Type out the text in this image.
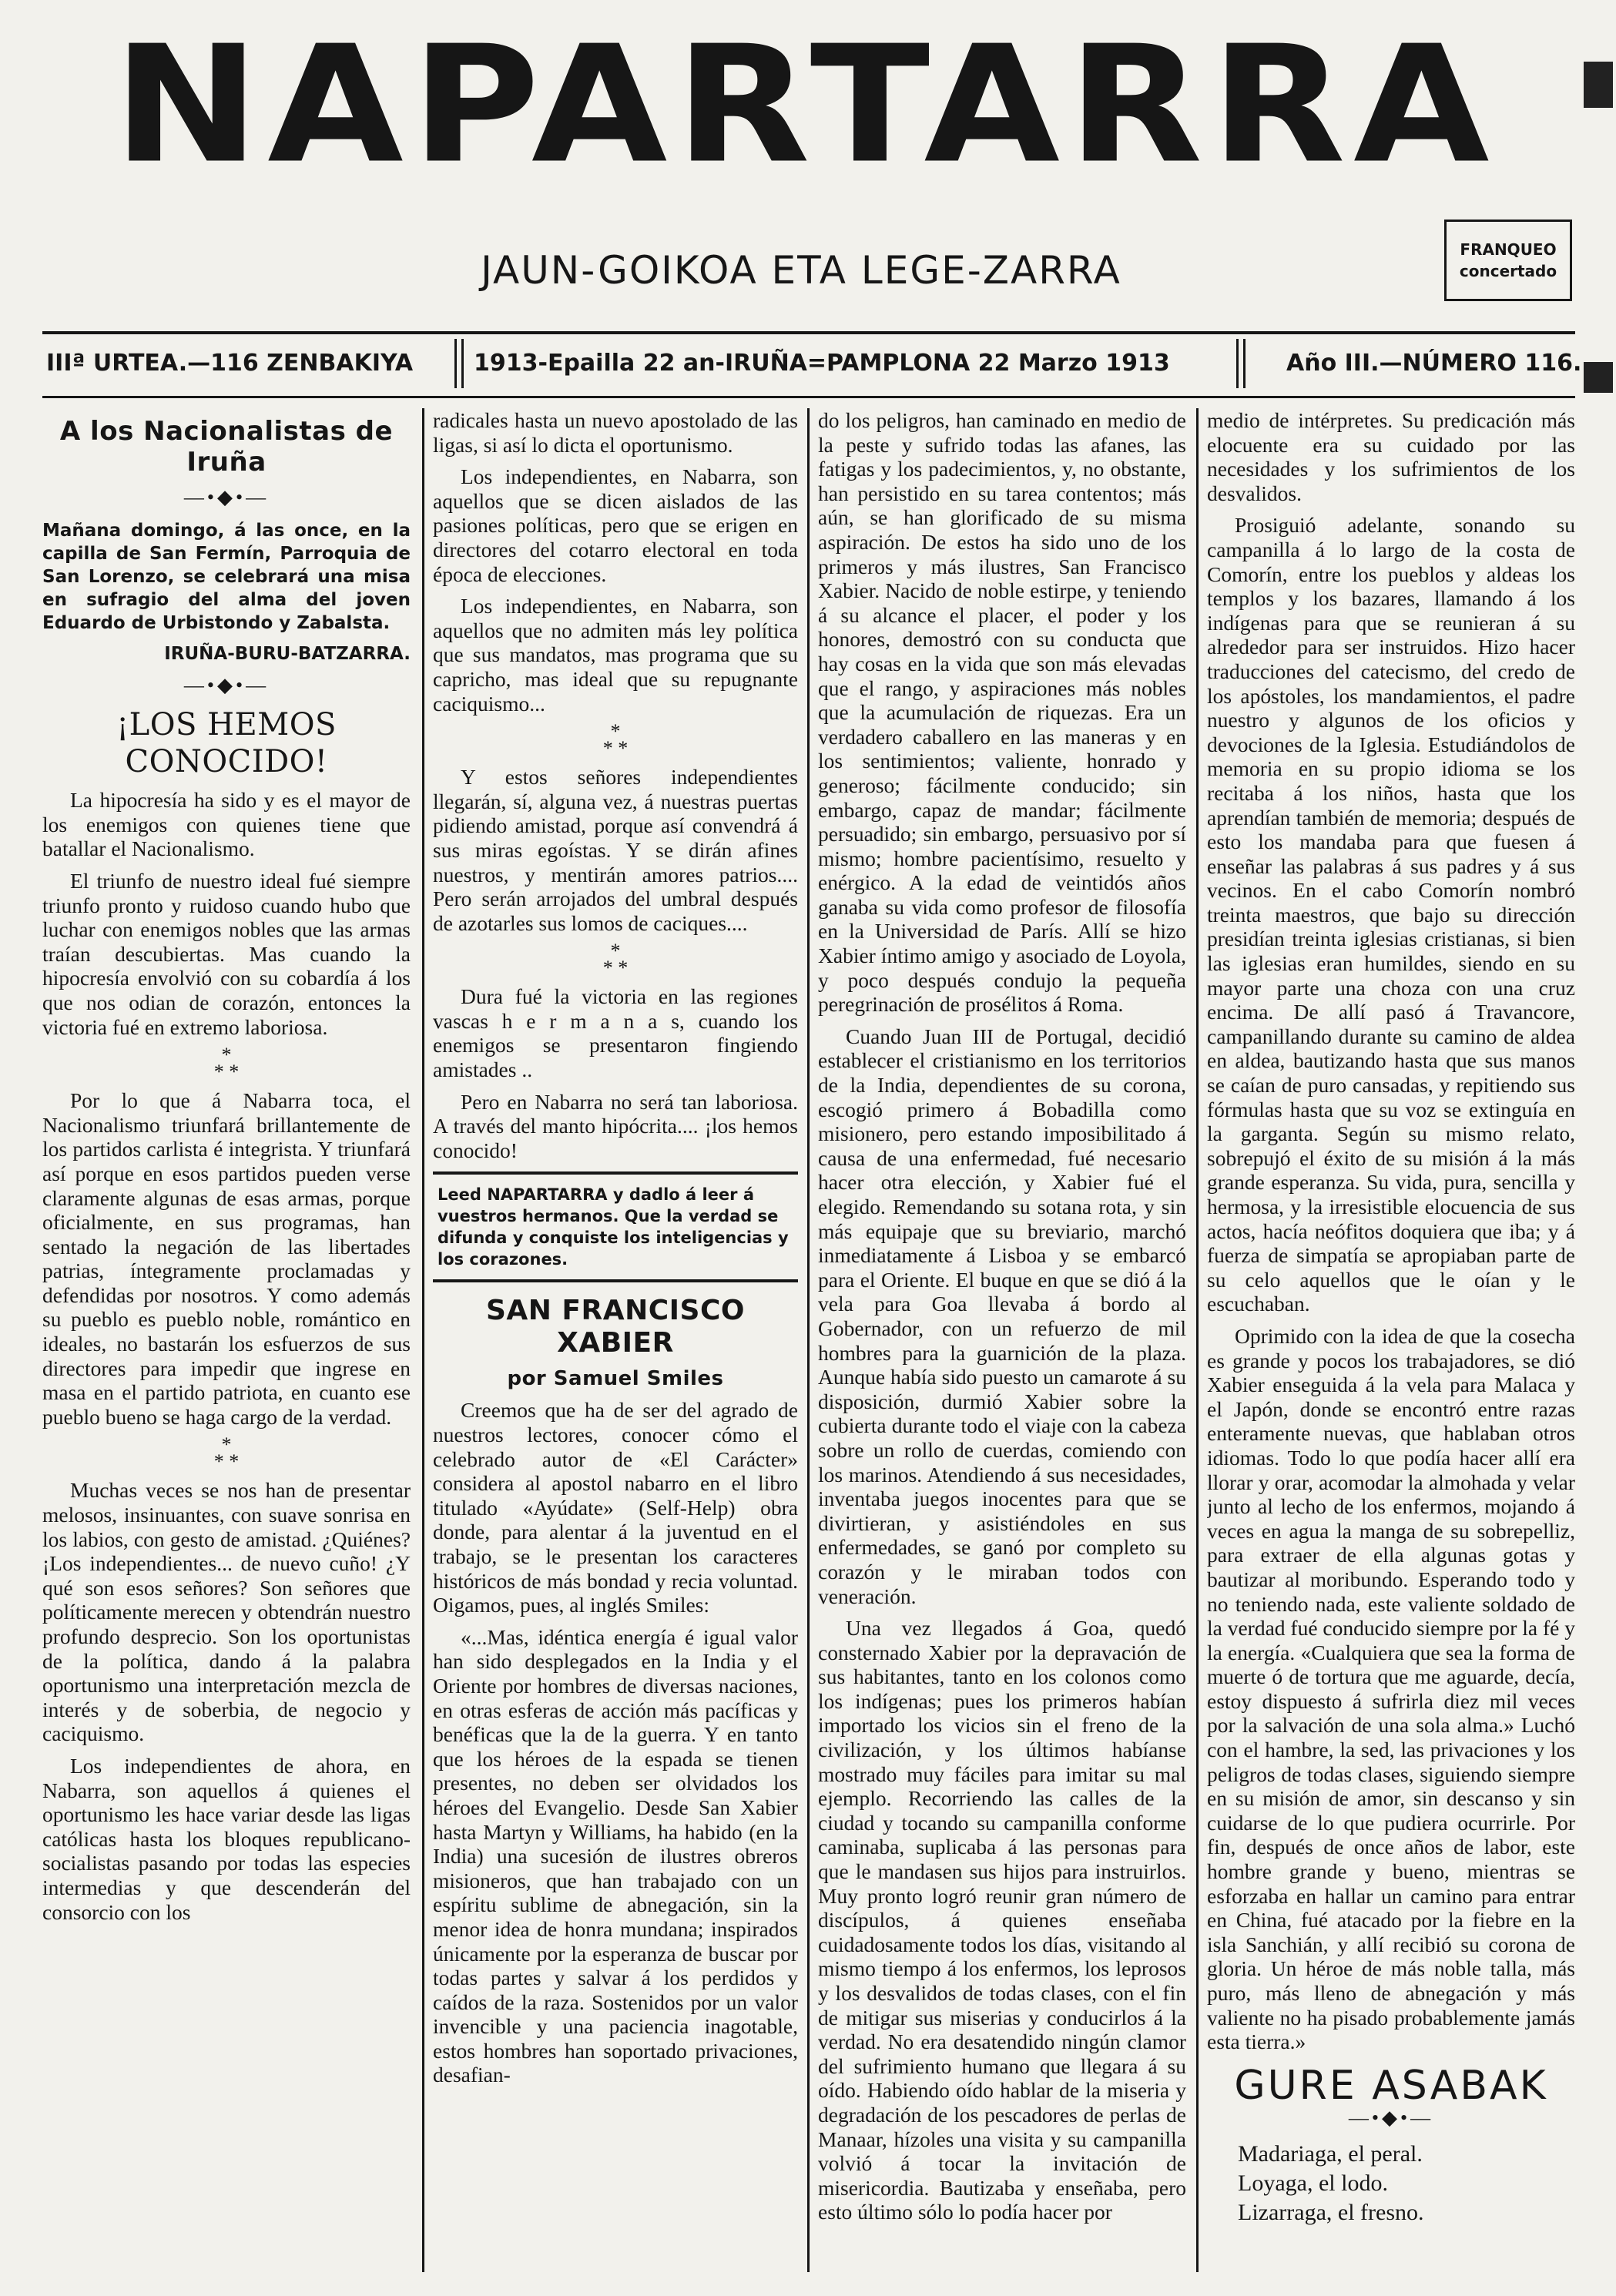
NAPARTARRA
JAUN-GOIKOA ETA LEGE-ZARRA	FRANQUEO
concertado
IIIª URTEA.—116 ZENBAKIYA	1913-Epailla 22 an-IRUÑA=PAMPLONA 22 Marzo 1913	Año III.—NÚMERO 116.
A los Nacionalistas de Iruña
—•◆•—

Mañana domingo, á las once, en la capilla de San Fermín, Parroquia de San Lorenzo, se celebrará una misa en sufragio del alma del joven Eduardo de Urbistondo y Zabalsta.

IRUÑA-BURU-BATZARRA.
—•◆•—
¡LOS HEMOS CONOCIDO!

La hipocresía ha sido y es el mayor de los enemigos con quienes tiene que batallar el Nacionalismo.

El triunfo de nuestro ideal fué siempre triunfo pronto y ruidoso cuando hubo que luchar con enemigos nobles que las armas traían descubiertas. Mas cuando la hipocresía envolvió con su cobardía á los que nos odian de corazón, entonces la victoria fué en extremo laboriosa.

*
* *

Por lo que á Nabarra toca, el Nacionalismo triunfará brillantemente de los partidos carlista é integrista. Y triunfará así porque en esos partidos pueden verse claramente algunas de esas armas, porque oficialmente, en sus programas, han sentado la negación de las libertades patrias, íntegramente proclamadas y defendidas por nosotros. Y como además su pueblo es pueblo noble, romántico en ideales, no bastarán los esfuerzos de sus directores para impedir que ingrese en masa en el partido patriota, en cuanto ese pueblo bueno se haga cargo de la verdad.

*
* *

Muchas veces se nos han de presentar melosos, insinuantes, con suave sonrisa en los labios, con gesto de amistad. ¿Quiénes? ¡Los independientes... de nuevo cuño! ¿Y qué son esos señores? Son señores que políticamente merecen y obtendrán nuestro profundo desprecio. Son los oportunistas de la política, dando á la palabra oportunismo una interpretación mezcla de interés y de soberbia, de negocio y caciquismo.

Los independientes de ahora, en Nabarra, son aquellos á quienes el oportunismo les hace variar desde las ligas católicas hasta los bloques republicano-socialistas pasando por todas las especies intermedias y que descenderán del consorcio con los

radicales hasta un nuevo apostolado de las ligas, si así lo dicta el oportunismo.

Los independientes, en Nabarra, son aquellos que se dicen aislados de las pasiones políticas, pero que se erigen en directores del cotarro electoral en toda época de elecciones.

Los independientes, en Nabarra, son aquellos que no admiten más ley política que sus mandatos, mas programa que su capricho, mas ideal que su repugnante caciquismo...

*
* *

Y estos señores independientes llegarán, sí, alguna vez, á nuestras puertas pidiendo amistad, porque así convendrá á sus miras egoístas. Y se dirán afines nuestros, y mentirán amores patrios.... Pero serán arrojados del umbral después de azotarles sus lomos de caciques....

*
* *

Dura fué la victoria en las regiones vascas h e r m a n a s, cuando los enemigos se presentaron fingiendo amistades ..

Pero en Nabarra no será tan laboriosa. A través del manto hipócrita.... ¡los hemos conocido!

Leed NAPARTARRA y dadlo á leer á vuestros hermanos. Que la verdad se difunda y conquiste los inteligencias y los corazones.
SAN FRANCISCO XABIER
por Samuel Smiles

Creemos que ha de ser del agrado de nuestros lectores, conocer cómo el celebrado autor de «El Carácter» considera al apostol nabarro en el libro titulado «Ayúdate» (Self-Help) obra donde, para alentar á la juventud en el trabajo, se le presentan los caracteres históricos de más bondad y recia voluntad. Oigamos, pues, al inglés Smiles:

«...Mas, idéntica energía é igual valor han sido desplegados en la India y el Oriente por hombres de diversas naciones, en otras esferas de acción más pacíficas y benéficas que la de la guerra. Y en tanto que los héroes de la espada se tienen presentes, no deben ser olvidados los héroes del Evangelio. Desde San Xabier hasta Martyn y Williams, ha habido (en la India) una sucesión de ilustres obreros misioneros, que han trabajado con un espíritu sublime de abnegación, sin la menor idea de honra mundana; inspirados únicamente por la esperanza de buscar por todas partes y salvar á los perdidos y caídos de la raza. Sostenidos por un valor invencible y una paciencia inagotable, estos hombres han soportado privaciones, desafian-

do los peligros, han caminado en medio de la peste y sufrido todas las afanes, las fatigas y los padecimientos, y, no obstante, han persistido en su tarea contentos; más aún, se han glorificado de su misma aspiración. De estos ha sido uno de los primeros y más ilustres, San Francisco Xabier. Nacido de noble estirpe, y teniendo á su alcance el placer, el poder y los honores, demostró con su conducta que hay cosas en la vida que son más elevadas que el rango, y aspiraciones más nobles que la acumulación de riquezas. Era un verdadero caballero en las maneras y en los sentimientos; valiente, honrado y generoso; fácilmente conducido; sin embargo, capaz de mandar; fácilmente persuadido; sin embargo, persuasivo por sí mismo; hombre pacientísimo, resuelto y enérgico. A la edad de veintidós años ganaba su vida como profesor de filosofía en la Universidad de París. Allí se hizo Xabier íntimo amigo y asociado de Loyola, y poco después condujo la pequeña peregrinación de prosélitos á Roma.

Cuando Juan III de Portugal, decidió establecer el cristianismo en los territorios de la India, dependientes de su corona, escogió primero á Bobadilla como misionero, pero estando imposibilitado á causa de una enfermedad, fué necesario hacer otra elección, y Xabier fué el elegido. Remendando su sotana rota, y sin más equipaje que su breviario, marchó inmediatamente á Lisboa y se embarcó para el Oriente. El buque en que se dió á la vela para Goa llevaba á bordo al Gobernador, con un refuerzo de mil hombres para la guarnición de la plaza. Aunque había sido puesto un camarote á su disposición, durmió Xabier sobre la cubierta durante todo el viaje con la cabeza sobre un rollo de cuerdas, comiendo con los marinos. Atendiendo á sus necesidades, inventaba juegos inocentes para que se divirtieran, y asistiéndoles en sus enfermedades, se ganó por completo su corazón y le miraban todos con veneración.

Una vez llegados á Goa, quedó consternado Xabier por la depravación de sus habitantes, tanto en los colonos como los indígenas; pues los primeros habían importado los vicios sin el freno de la civilización, y los últimos habíanse mostrado muy fáciles para imitar su mal ejemplo. Recorriendo las calles de la ciudad y tocando su campanilla conforme caminaba, suplicaba á las personas para que le mandasen sus hijos para instruirlos. Muy pronto logró reunir gran número de discípulos, á quienes enseñaba cuidadosamente todos los días, visitando al mismo tiempo á los enfermos, los leprosos y los desvalidos de todas clases, con el fin de mitigar sus miserias y conducirlos á la verdad. No era desatendido ningún clamor del sufrimiento humano que llegara á su oído. Habiendo oído hablar de la miseria y degradación de los pescadores de perlas de Manaar, hízoles una visita y su campanilla volvió á tocar la invitación de misericordia. Bautizaba y enseñaba, pero esto último sólo lo podía hacer por

medio de intérpretes. Su predicación más elocuente era su cuidado por las necesidades y los sufrimientos de los desvalidos.

Prosiguió adelante, sonando su campanilla á lo largo de la costa de Comorín, entre los pueblos y aldeas los templos y los bazares, llamando á los indígenas para que se reunieran á su alrededor para ser instruidos. Hizo hacer traducciones del catecismo, del credo de los apóstoles, los mandamientos, el padre nuestro y algunos de los oficios y devociones de la Iglesia. Estudiándolos de memoria en su propio idioma se los recitaba á los niños, hasta que los aprendían también de memoria; después de esto los mandaba para que fuesen á enseñar las palabras á sus padres y á sus vecinos. En el cabo Comorín nombró treinta maestros, que bajo su dirección presidían treinta iglesias cristianas, si bien las iglesias eran humildes, siendo en su mayor parte una choza con una cruz encima. De allí pasó á Travancore, campanillando durante su camino de aldea en aldea, bautizando hasta que sus manos se caían de puro cansadas, y repitiendo sus fórmulas hasta que su voz se extinguía en la garganta. Según su mismo relato, sobrepujó el éxito de su misión á la más grande esperanza. Su vida, pura, sencilla y hermosa, y la irresistible elocuencia de sus actos, hacía neófitos doquiera que iba; y á fuerza de simpatía se apropiaban parte de su celo aquellos que le oían y le escuchaban.

Oprimido con la idea de que la cosecha es grande y pocos los trabajadores, se dió Xabier enseguida á la vela para Malaca y el Japón, donde se encontró entre razas enteramente nuevas, que hablaban otros idiomas. Todo lo que podía hacer allí era llorar y orar, acomodar la almohada y velar junto al lecho de los enfermos, mojando á veces en agua la manga de su sobrepelliz, para extraer de ella algunas gotas y bautizar al moribundo. Esperando todo y no teniendo nada, este valiente soldado de la verdad fué conducido siempre por la fé y la energía. «Cualquiera que sea la forma de muerte ó de tortura que me aguarde, decía, estoy dispuesto á sufrirla diez mil veces por la salvación de una sola alma.» Luchó con el hambre, la sed, las privaciones y los peligros de todas clases, siguiendo siempre en su misión de amor, sin descanso y sin cuidarse de lo que pudiera ocurrirle. Por fin, después de once años de labor, este hombre grande y bueno, mientras se esforzaba en hallar un camino para entrar en China, fué atacado por la fiebre en la isla Sanchián, y allí recibió su corona de gloria. Un héroe de más noble talla, más puro, más lleno de abnegación y más valiente no ha pisado probablemente jamás esta tierra.»

GURE ASABAK
—•◆•—
Madariaga, el peral.
Loyaga, el lodo.
Lizarraga, el fresno.
